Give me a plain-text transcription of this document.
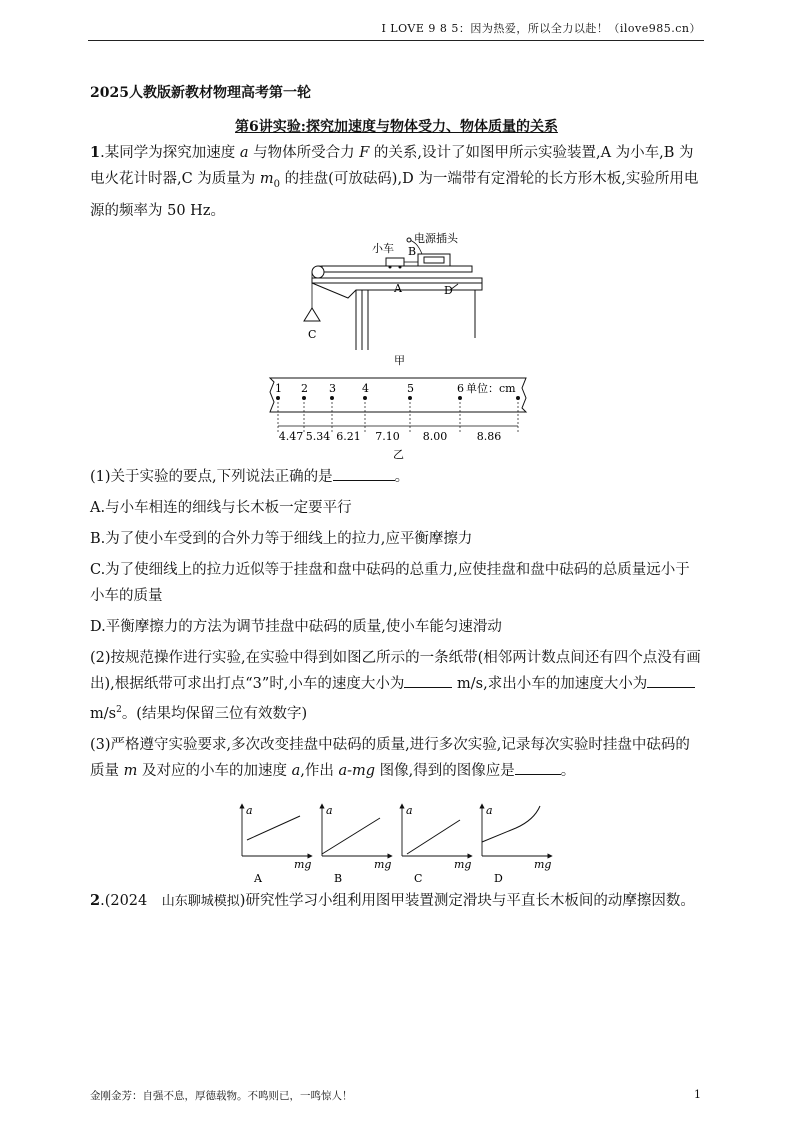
I LOVE 9 8 5：因为热爱，所以全力以赴！（ilove985.cn）
2025人教版新教材物理高考第一轮
第6讲实验:探究加速度与物体受力、物体质量的关系

1.某同学为探究加速度 a 与物体所受合力 F 的关系,设计了如图甲所示实验装置,A 为小车,B 为电火花计时器,C 为质量为 $m_0$ 的挂盘(可放砝码),D 为一端带有定滑轮的长方形木板,实验所用电源的频率为 50 Hz。

C
小车 B
电源插头
A	D
甲
1 2 3 4	5	6
4.47 5.34 6.21 7.10 8.00	8.86
单位：cm
乙

(1)关于实验的要点,下列说法正确的是	。

A.与小车相连的细线与长木板一定要平行

B.为了使小车受到的合外力等于细线上的拉力,应平衡摩擦力

C.为了使细线上的拉力近似等于挂盘和盘中砝码的总重力,应使挂盘和盘中砝码的总质量远小于小车的质量

D.平衡摩擦力的方法为调节挂盘中砝码的质量,使小车能匀速滑动

(2)按规范操作进行实验,在实验中得到如图乙所示的一条纸带(相邻两计数点间还有四个点没有画出),根据纸带可求出打点“3”时,小车的速度大小为	m/s,求出小车的加速度大小为 $m/s^2$。(结果均保留三位有效数字)

(3)严格遵守实验要求,多次改变挂盘中砝码的质量,进行多次实验,记录每次实验时挂盘中砝码的质量 m 及对应的小车的加速度 a,作出 a-mg 图像,得到的图像应是	。

a
mg
A
a
mg
B
a
mg
C
a
mg
D

2.(2024　山东聊城模拟)研究性学习小组利用图甲装置测定滑块与平直长木板间的动摩擦因数。

金刚金芳：自强不息，厚德载物。不鸣则已，一鸣惊人！	1
